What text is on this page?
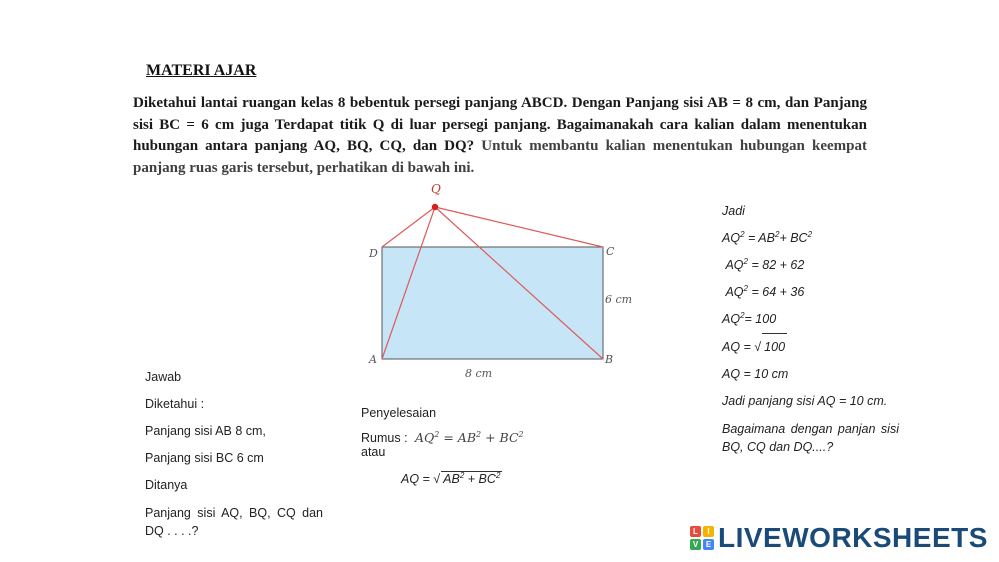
MATERI AJAR
Diketahui lantai ruangan kelas 8 bebentuk persegi panjang ABCD. Dengan Panjang sisi AB = 8 cm, dan Panjang sisi BC = 6 cm juga Terdapat titik Q di luar persegi panjang. Bagaimanakah cara kalian dalam menentukan hubungan antara panjang AQ, BQ, CQ, dan DQ? Untuk membantu kalian menentukan hubungan keempat panjang ruas garis tersebut, perhatikan di bawah ini.
Q
D	C
A	B
6 cm
8 cm
Jawab
Diketahui :
Panjang sisi AB 8 cm,
Panjang sisi BC 6 cm
Ditanya
Panjang sisi AQ, BQ, CQ dan DQ . . . .?
Penyelesaian
Rumus :  $AQ^2 = AB^2 + BC^2$
atau
AQ = √ $AB^2 + BC^2$
Jadi
$AQ^2 = AB^2+ BC^2$
$AQ^2 = 82 + 62$
$AQ^2 = 64 + 36$
$AQ^2= 100$
AQ = √ 100
AQ = 10 cm
Jadi panjang sisi AQ = 10 cm.
Bagaimana dengan panjan sisi BQ, CQ dan DQ....?
L	I
V E LIVEWORKSHEETS
